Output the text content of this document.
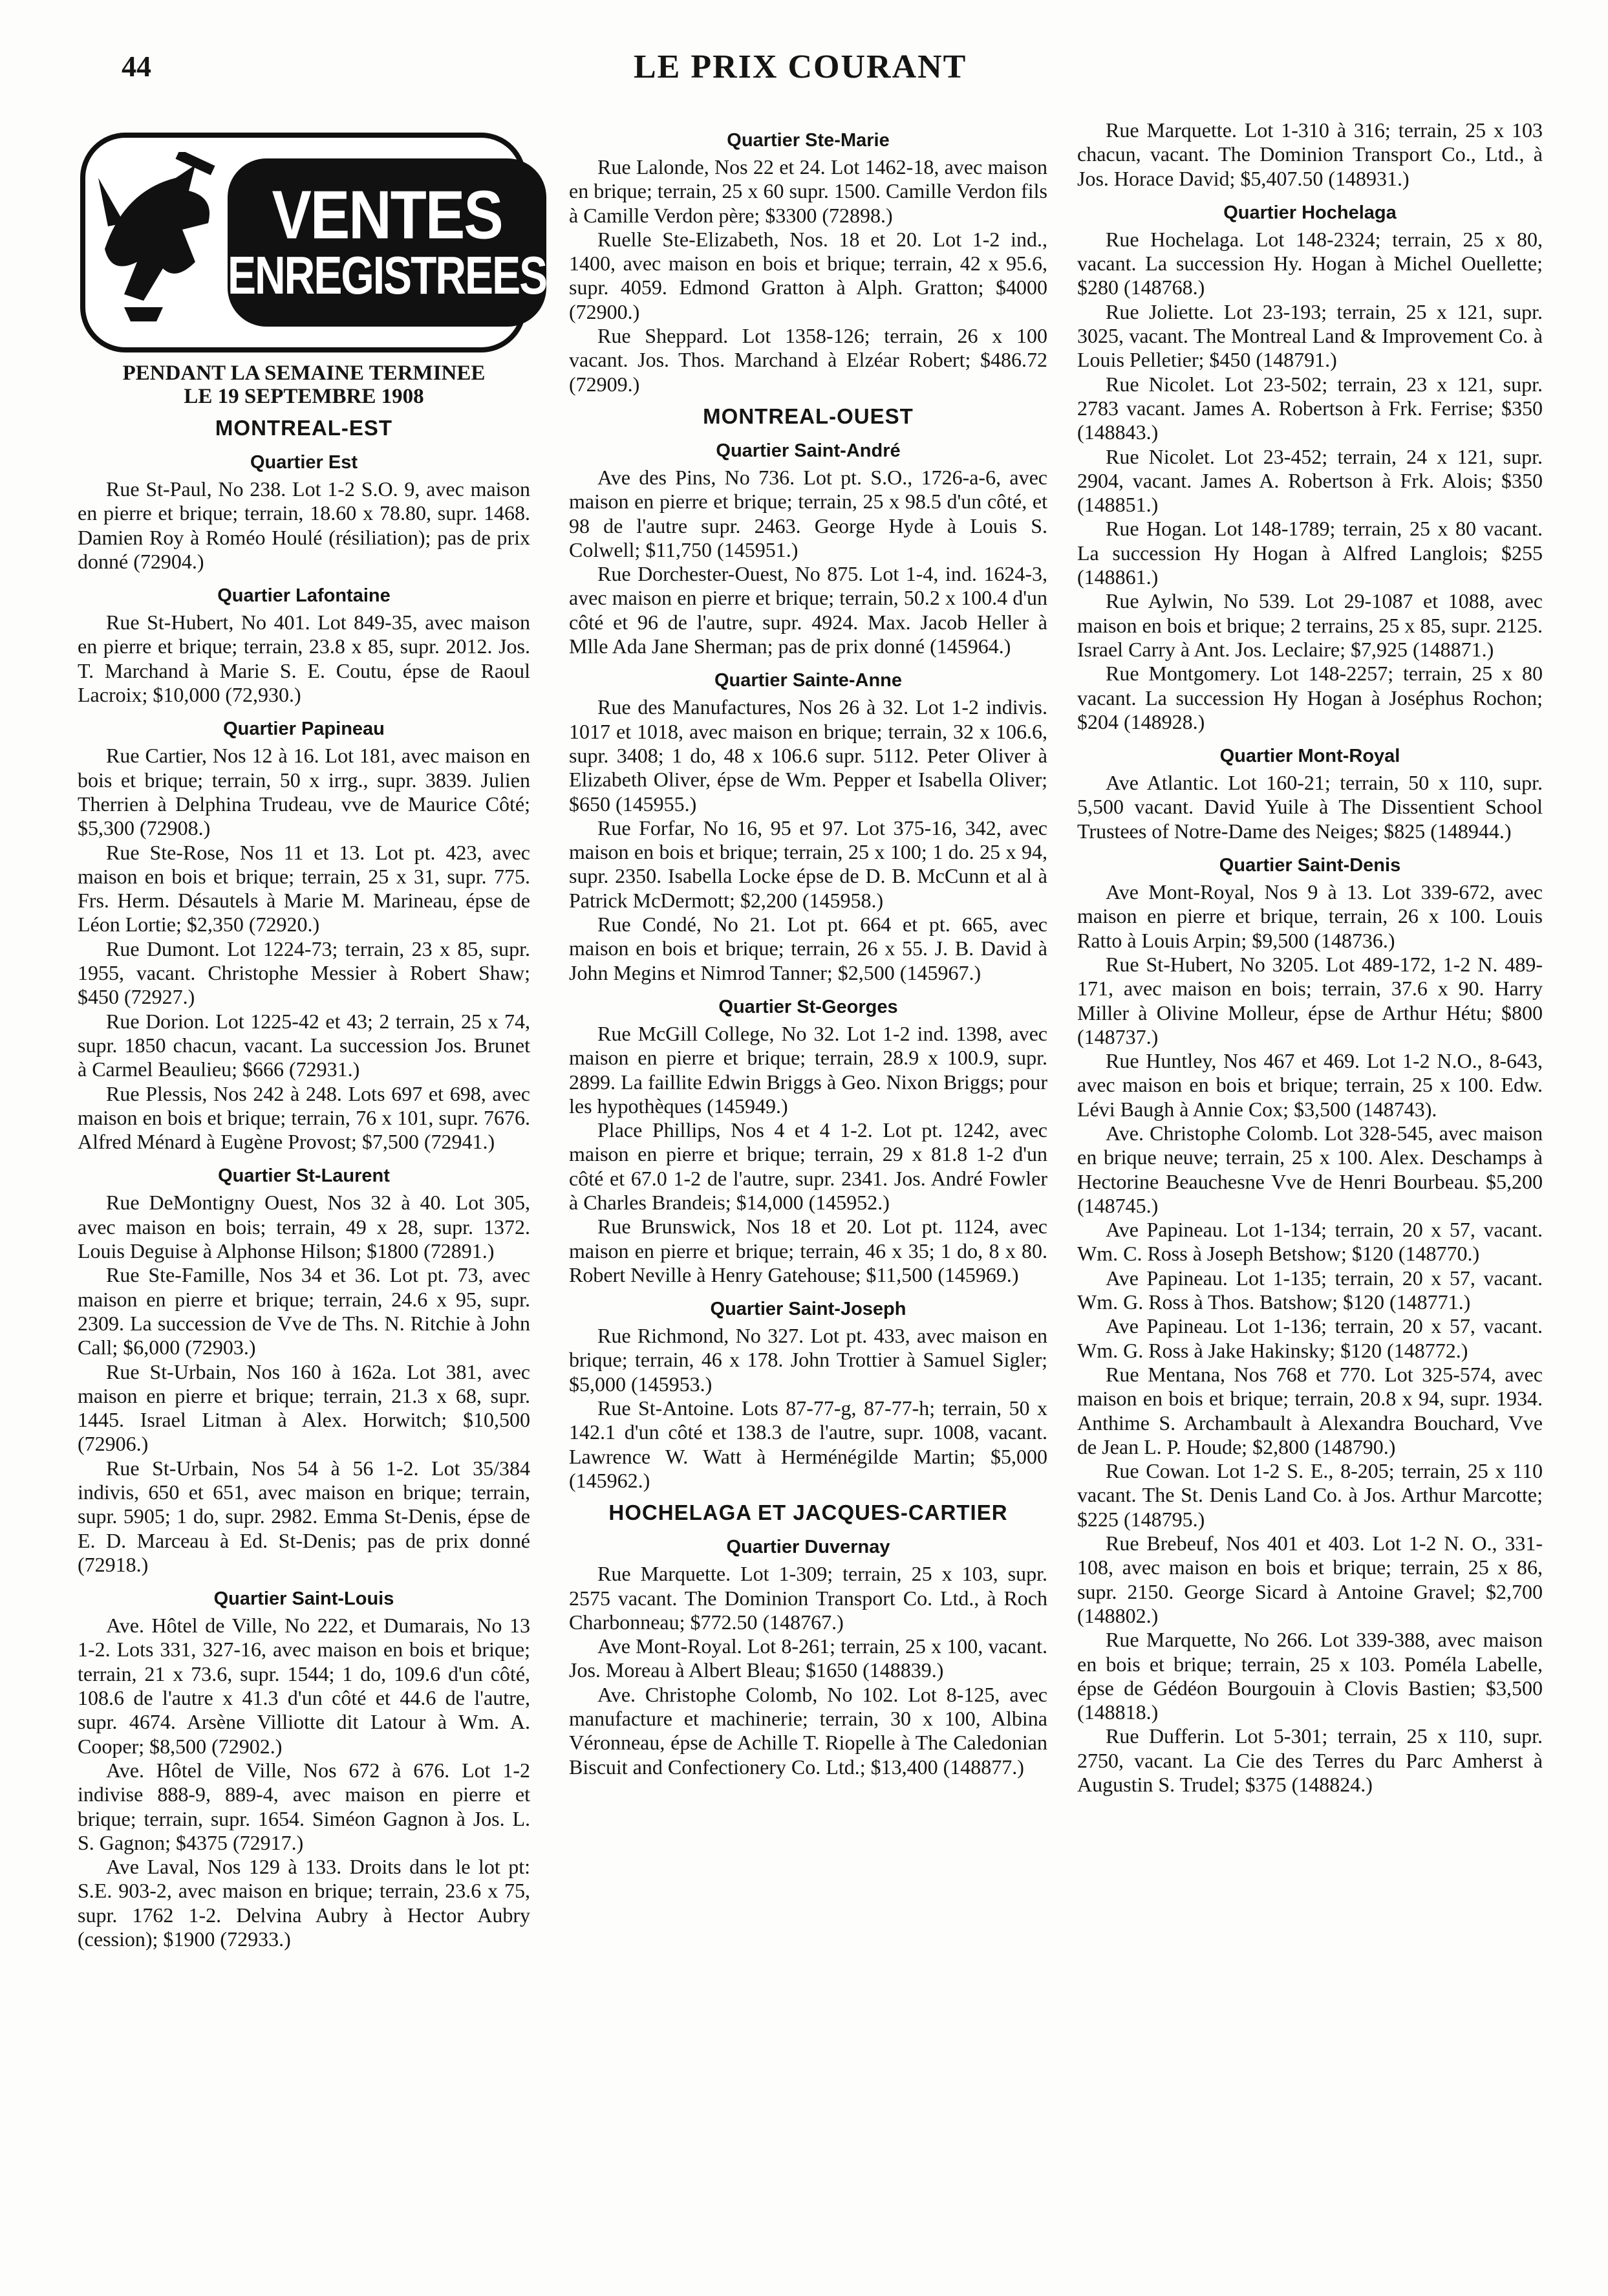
44	LE PRIX COURANT
VENTES
ENREGISTREES
PENDANT LA SEMAINE TERMINEE
LE 19 SEPTEMBRE 1908
MONTREAL-EST
Quartier Est

Rue St-Paul, No 238. Lot 1-2 S.O. 9, avec maison en pierre et brique; terrain, 18.60 x 78.80, supr. 1468. Damien Roy à Roméo Houlé (résiliation); pas de prix donné (72904.)

Quartier Lafontaine

Rue St-Hubert, No 401. Lot 849-35, avec maison en pierre et brique; terrain, 23.8 x 85, supr. 2012. Jos. T. Marchand à Marie S. E. Coutu, épse de Raoul Lacroix; $10,000 (72,930.)

Quartier Papineau

Rue Cartier, Nos 12 à 16. Lot 181, avec maison en bois et brique; terrain, 50 x irrg., supr. 3839. Julien Therrien à Delphina Trudeau, vve de Maurice Côté; $5,300 (72908.)

Rue Ste-Rose, Nos 11 et 13. Lot pt. 423, avec maison en bois et brique; terrain, 25 x 31, supr. 775. Frs. Herm. Désautels à Marie M. Marineau, épse de Léon Lortie; $2,350 (72920.)

Rue Dumont. Lot 1224-73; terrain, 23 x 85, supr. 1955, vacant. Christophe Messier à Robert Shaw; $450 (72927.)

Rue Dorion. Lot 1225-42 et 43; 2 terrain, 25 x 74, supr. 1850 chacun, vacant. La succession Jos. Brunet à Carmel Beaulieu; $666 (72931.)

Rue Plessis, Nos 242 à 248. Lots 697 et 698, avec maison en bois et brique; terrain, 76 x 101, supr. 7676. Alfred Ménard à Eugène Provost; $7,500 (72941.)

Quartier St-Laurent

Rue DeMontigny Ouest, Nos 32 à 40. Lot 305, avec maison en bois; terrain, 49 x 28, supr. 1372. Louis Deguise à Alphonse Hilson; $1800 (72891.)

Rue Ste-Famille, Nos 34 et 36. Lot pt. 73, avec maison en pierre et brique; terrain, 24.6 x 95, supr. 2309. La succession de Vve de Ths. N. Ritchie à John Call; $6,000 (72903.)

Rue St-Urbain, Nos 160 à 162a. Lot 381, avec maison en pierre et brique; terrain, 21.3 x 68, supr. 1445. Israel Litman à Alex. Horwitch; $10,500 (72906.)

Rue St-Urbain, Nos 54 à 56 1-2. Lot 35/384 indivis, 650 et 651, avec maison en brique; terrain, supr. 5905; 1 do, supr. 2982. Emma St-Denis, épse de E. D. Marceau à Ed. St-Denis; pas de prix donné (72918.)

Quartier Saint-Louis

Ave. Hôtel de Ville, No 222, et Dumarais, No 13 1-2. Lots 331, 327-16, avec maison en bois et brique; terrain, 21 x 73.6, supr. 1544; 1 do, 109.6 d'un côté, 108.6 de l'autre x 41.3 d'un côté et 44.6 de l'autre, supr. 4674. Arsène Villiotte dit Latour à Wm. A. Cooper; $8,500 (72902.)

Ave. Hôtel de Ville, Nos 672 à 676. Lot 1-2 indivise 888-9, 889-4, avec maison en pierre et brique; terrain, supr. 1654. Siméon Gagnon à Jos. L. S. Gagnon; $4375 (72917.)

Ave Laval, Nos 129 à 133. Droits dans le lot pt: S.E. 903-2, avec maison en brique; terrain, 23.6 x 75, supr. 1762 1-2. Delvina Aubry à Hector Aubry (cession); $1900 (72933.)

Quartier Ste-Marie

Rue Lalonde, Nos 22 et 24. Lot 1462-18, avec maison en brique; terrain, 25 x 60 supr. 1500. Camille Verdon fils à Camille Verdon père; $3300 (72898.)

Ruelle Ste-Elizabeth, Nos. 18 et 20. Lot 1-2 ind., 1400, avec maison en bois et brique; terrain, 42 x 95.6, supr. 4059. Edmond Gratton à Alph. Gratton; $4000 (72900.)

Rue Sheppard. Lot 1358-126; terrain, 26 x 100 vacant. Jos. Thos. Marchand à Elzéar Robert; $486.72 (72909.)

MONTREAL-OUEST
Quartier Saint-André

Ave des Pins, No 736. Lot pt. S.O., 1726-a-6, avec maison en pierre et brique; terrain, 25 x 98.5 d'un côté, et 98 de l'autre supr. 2463. George Hyde à Louis S. Colwell; $11,750 (145951.)

Rue Dorchester-Ouest, No 875. Lot 1-4, ind. 1624-3, avec maison en pierre et brique; terrain, 50.2 x 100.4 d'un côté et 96 de l'autre, supr. 4924. Max. Jacob Heller à Mlle Ada Jane Sherman; pas de prix donné (145964.)

Quartier Sainte-Anne

Rue des Manufactures, Nos 26 à 32. Lot 1-2 indivis. 1017 et 1018, avec maison en brique; terrain, 32 x 106.6, supr. 3408; 1 do, 48 x 106.6 supr. 5112. Peter Oliver à Elizabeth Oliver, épse de Wm. Pepper et Isabella Oliver; $650 (145955.)

Rue Forfar, No 16, 95 et 97. Lot 375-16, 342, avec maison en bois et brique; terrain, 25 x 100; 1 do. 25 x 94, supr. 2350. Isabella Locke épse de D. B. McCunn et al à Patrick McDermott; $2,200 (145958.)

Rue Condé, No 21. Lot pt. 664 et pt. 665, avec maison en bois et brique; terrain, 26 x 55. J. B. David à John Megins et Nimrod Tanner; $2,500 (145967.)

Quartier St-Georges

Rue McGill College, No 32. Lot 1-2 ind. 1398, avec maison en pierre et brique; terrain, 28.9 x 100.9, supr. 2899. La faillite Edwin Briggs à Geo. Nixon Briggs; pour les hypothèques (145949.)

Place Phillips, Nos 4 et 4 1-2. Lot pt. 1242, avec maison en pierre et brique; terrain, 29 x 81.8 1-2 d'un côté et 67.0 1-2 de l'autre, supr. 2341. Jos. André Fowler à Charles Brandeis; $14,000 (145952.)

Rue Brunswick, Nos 18 et 20. Lot pt. 1124, avec maison en pierre et brique; terrain, 46 x 35; 1 do, 8 x 80. Robert Neville à Henry Gatehouse; $11,500 (145969.)

Quartier Saint-Joseph

Rue Richmond, No 327. Lot pt. 433, avec maison en brique; terrain, 46 x 178. John Trottier à Samuel Sigler; $5,000 (145953.)

Rue St-Antoine. Lots 87-77-g, 87-77-h; terrain, 50 x 142.1 d'un côté et 138.3 de l'autre, supr. 1008, vacant. Lawrence W. Watt à Herménégilde Martin; $5,000 (145962.)

HOCHELAGA ET JACQUES-CARTIER
Quartier Duvernay

Rue Marquette. Lot 1-309; terrain, 25 x 103, supr. 2575 vacant. The Dominion Transport Co. Ltd., à Roch Charbonneau; $772.50 (148767.)

Ave Mont-Royal. Lot 8-261; terrain, 25 x 100, vacant. Jos. Moreau à Albert Bleau; $1650 (148839.)

Ave. Christophe Colomb, No 102. Lot 8-125, avec manufacture et machinerie; terrain, 30 x 100, Albina Véronneau, épse de Achille T. Riopelle à The Caledonian Biscuit and Confectionery Co. Ltd.; $13,400 (148877.)

Rue Marquette. Lot 1-310 à 316; terrain, 25 x 103 chacun, vacant. The Dominion Transport Co., Ltd., à Jos. Horace David; $5,407.50 (148931.)

Quartier Hochelaga

Rue Hochelaga. Lot 148-2324; terrain, 25 x 80, vacant. La succession Hy. Hogan à Michel Ouellette; $280 (148768.)

Rue Joliette. Lot 23-193; terrain, 25 x 121, supr. 3025, vacant. The Montreal Land & Improvement Co. à Louis Pelletier; $450 (148791.)

Rue Nicolet. Lot 23-502; terrain, 23 x 121, supr. 2783 vacant. James A. Robertson à Frk. Ferrise; $350 (148843.)

Rue Nicolet. Lot 23-452; terrain, 24 x 121, supr. 2904, vacant. James A. Robertson à Frk. Alois; $350 (148851.)

Rue Hogan. Lot 148-1789; terrain, 25 x 80 vacant. La succession Hy Hogan à Alfred Langlois; $255 (148861.)

Rue Aylwin, No 539. Lot 29-1087 et 1088, avec maison en bois et brique; 2 terrains, 25 x 85, supr. 2125. Israel Carry à Ant. Jos. Leclaire; $7,925 (148871.)

Rue Montgomery. Lot 148-2257; terrain, 25 x 80 vacant. La succession Hy Hogan à Joséphus Rochon; $204 (148928.)

Quartier Mont-Royal

Ave Atlantic. Lot 160-21; terrain, 50 x 110, supr. 5,500 vacant. David Yuile à The Dissentient School Trustees of Notre-Dame des Neiges; $825 (148944.)

Quartier Saint-Denis

Ave Mont-Royal, Nos 9 à 13. Lot 339-672, avec maison en pierre et brique, terrain, 26 x 100. Louis Ratto à Louis Arpin; $9,500 (148736.)

Rue St-Hubert, No 3205. Lot 489-172, 1-2 N. 489-171, avec maison en bois; terrain, 37.6 x 90. Harry Miller à Olivine Molleur, épse de Arthur Hétu; $800 (148737.)

Rue Huntley, Nos 467 et 469. Lot 1-2 N.O., 8-643, avec maison en bois et brique; terrain, 25 x 100. Edw. Lévi Baugh à Annie Cox; $3,500 (148743).

Ave. Christophe Colomb. Lot 328-545, avec maison en brique neuve; terrain, 25 x 100. Alex. Deschamps à Hectorine Beauchesne Vve de Henri Bourbeau. $5,200 (148745.)

Ave Papineau. Lot 1-134; terrain, 20 x 57, vacant. Wm. C. Ross à Joseph Betshow; $120 (148770.)

Ave Papineau. Lot 1-135; terrain, 20 x 57, vacant. Wm. G. Ross à Thos. Batshow; $120 (148771.)

Ave Papineau. Lot 1-136; terrain, 20 x 57, vacant. Wm. G. Ross à Jake Hakinsky; $120 (148772.)

Rue Mentana, Nos 768 et 770. Lot 325-574, avec maison en bois et brique; terrain, 20.8 x 94, supr. 1934. Anthime S. Archambault à Alexandra Bouchard, Vve de Jean L. P. Houde; $2,800 (148790.)

Rue Cowan. Lot 1-2 S. E., 8-205; terrain, 25 x 110 vacant. The St. Denis Land Co. à Jos. Arthur Marcotte; $225 (148795.)

Rue Brebeuf, Nos 401 et 403. Lot 1-2 N. O., 331-108, avec maison en bois et brique; terrain, 25 x 86, supr. 2150. George Sicard à Antoine Gravel; $2,700 (148802.)

Rue Marquette, No 266. Lot 339-388, avec maison en bois et brique; terrain, 25 x 103. Poméla Labelle, épse de Gédéon Bourgouin à Clovis Bastien; $3,500 (148818.)

Rue Dufferin. Lot 5-301; terrain, 25 x 110, supr. 2750, vacant. La Cie des Terres du Parc Amherst à Augustin S. Trudel; $375 (148824.)
